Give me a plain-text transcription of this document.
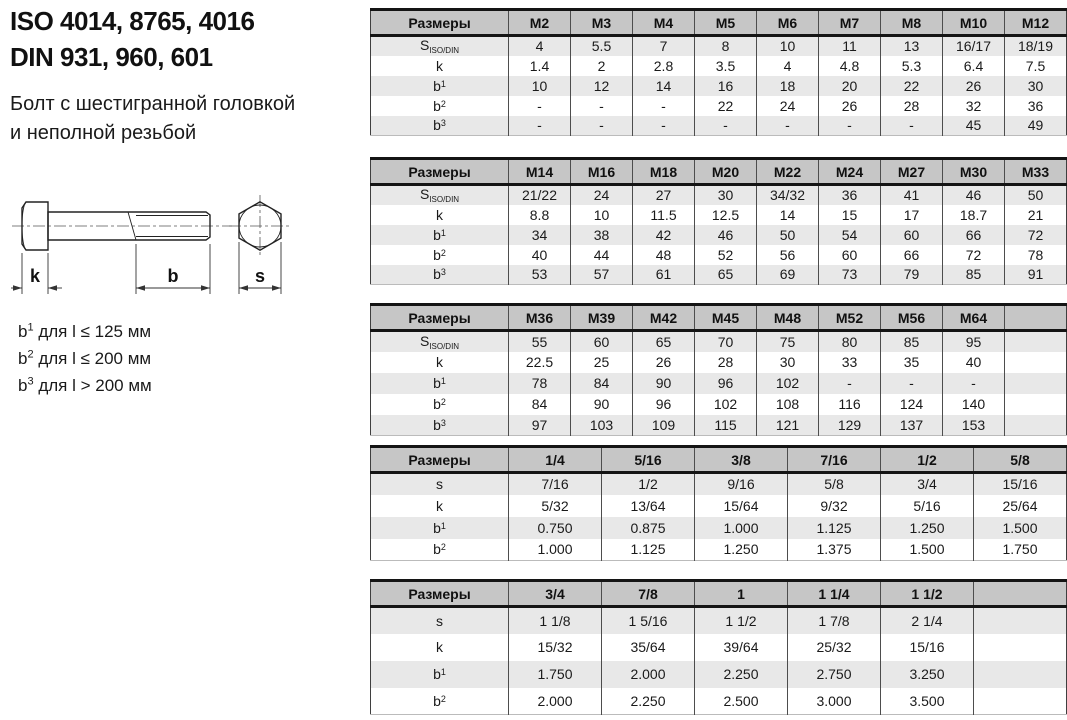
ISO 4014, 8765, 4016
DIN 931, 960, 601
Болт с шестигранной головкой
и неполной резьбой
k	b	s
$b^1$ для l ≤ 125 мм
$b^2$ для l ≤ 200 мм
$b^3$ для l > 200 мм
Размеры	M2	M3	M4	M5	M6	M7	M8	M10	M12
$S_{ISO/DIN}$	4	5.5	7	8	10	11	13	16/17	18/19
k	1.4	2	2.8	3.5	4	4.8	5.3	6.4	7.5
$b^1$	10	12	14	16	18	20	22	26	30
$b^2$	-	-	-	22	24	26	28	32	36
$b^3$	-	-	-	-	-	-	-	45	49
Размеры	M14	M16	M18	M20	M22	M24	M27	M30	M33
$S_{ISO/DIN}$	21/22	24	27	30	34/32	36	41	46	50
k	8.8	10	11.5	12.5	14	15	17	18.7	21
$b^1$	34	38	42	46	50	54	60	66	72
$b^2$	40	44	48	52	56	60	66	72	78
$b^3$	53	57	61	65	69	73	79	85	91
Размеры	M36	M39	M42	M45	M48	M52	M56	M64	
$S_{ISO/DIN}$	55	60	65	70	75	80	85	95	
k	22.5	25	26	28	30	33	35	40	
$b^1$	78	84	90	96	102	-	-	-	
$b^2$	84	90	96	102	108	116	124	140	
$b^3$	97	103	109	115	121	129	137	153	
Размеры	1/4	5/16	3/8	7/16	1/2	5/8
s	7/16	1/2	9/16	5/8	3/4	15/16
k	5/32	13/64	15/64	9/32	5/16	25/64
$b^1$	0.750	0.875	1.000	1.125	1.250	1.500
$b^2$	1.000	1.125	1.250	1.375	1.500	1.750
Размеры	3/4	7/8	1	1 1/4	1 1/2	
s	1 1/8	1 5/16	1 1/2	1 7/8	2 1/4	
k	15/32	35/64	39/64	25/32	15/16	
$b^1$	1.750	2.000	2.250	2.750	3.250	
$b^2$	2.000	2.250	2.500	3.000	3.500	
